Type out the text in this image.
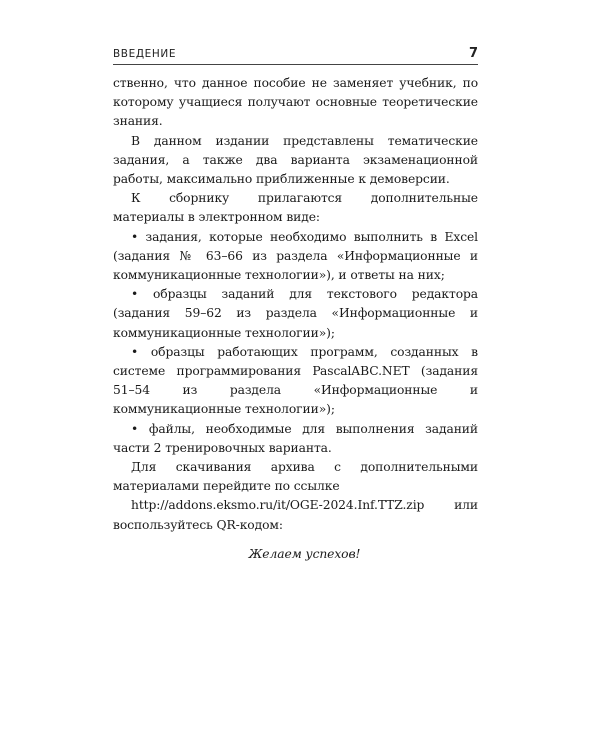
ВВЕДЕНИЕ	7

ственно, что данное пособие не заменяет учебник, по которому учащиеся получают основные теоретические знания.

В данном издании представлены тематические задания, а также два варианта экзаменационной работы, максимально приближенные к демоверсии.

К сборнику прилагаются дополнительные материалы в электронном виде:

• задания, которые необходимо выполнить в Excel (задания № 63–66 из раздела «Информационные и коммуникационные технологии»), и ответы на них;

• образцы заданий для текстового редактора (задания 59–62 из раздела «Информационные и коммуникационные технологии»);

• образцы работающих программ, созданных в системе программирования PascalABC.NET (задания 51–54 из раздела «Информационные и коммуникационные технологии»);

• файлы, необходимые для выполнения заданий части 2 тренировочных варианта.

Для скачивания архива с дополнительными материалами перейдите по ссылке

http://addons.eksmo.ru/it/OGE-2024.Inf.TTZ.zip или воспользуйтесь QR-кодом:

Желаем успехов!
